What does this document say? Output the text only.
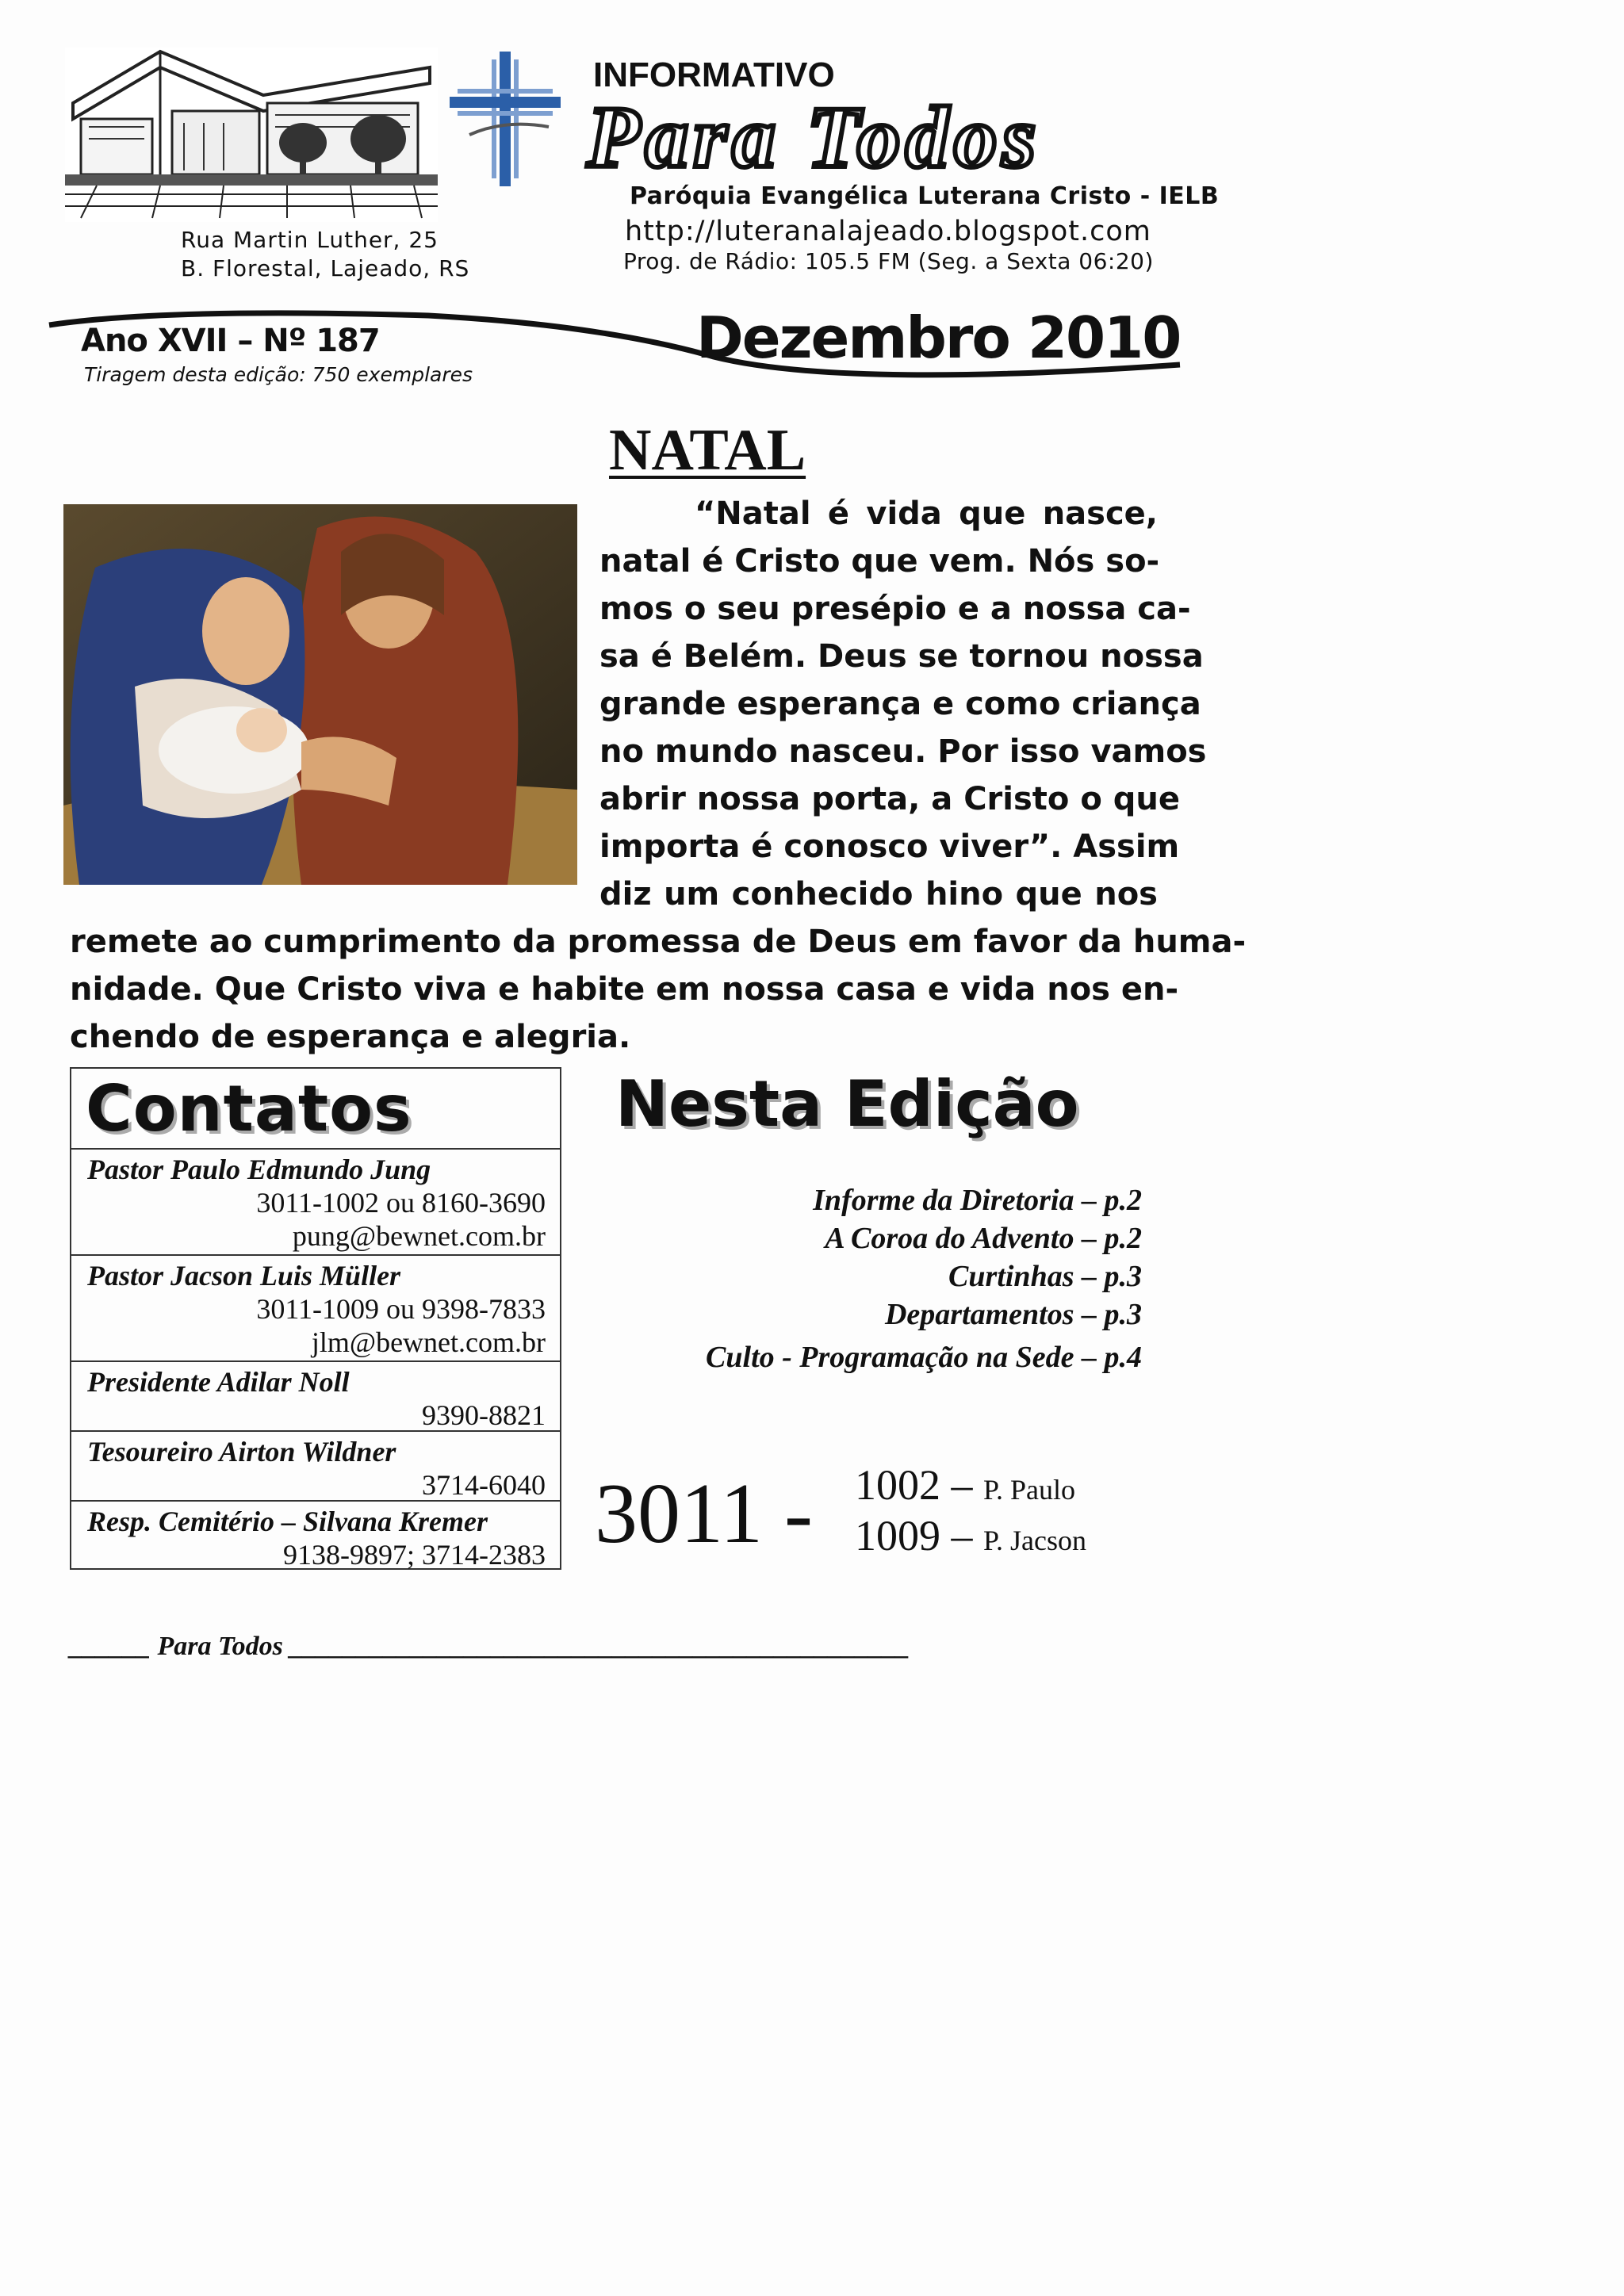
Rua Martin Luther, 25
B. Florestal, Lajeado, RS
INFORMATIVO
Para Todos
Paróquia Evangélica Luterana Cristo - IELB
http://luteranalajeado.blogspot.com
Prog. de Rádio: 105.5 FM (Seg. a Sexta 06:20)
Ano XVII – Nº 187
Tiragem desta edição: 750 exemplares
Dezembro 2010
NATAL
“Natal é vida que nasce,
natal é Cristo que vem. Nós so-
mos o seu presépio e a nossa ca-
sa é Belém. Deus se tornou nossa
grande esperança e como criança
no mundo nasceu. Por isso vamos
abrir nossa porta, a Cristo o que
importa é conosco viver”. Assim
diz um conhecido hino que nos
remete ao cumprimento da promessa de Deus em favor da huma-
nidade. Que Cristo viva e habite em nossa casa e vida nos en-
chendo de esperança e alegria.
Contatos
Pastor Paulo Edmundo Jung
3011-1002 ou 8160-3690
pung@bewnet.com.br
Pastor Jacson Luis Müller
3011-1009 ou 9398-7833
jlm@bewnet.com.br
Presidente Adilar Noll
9390-8821
Tesoureiro Airton Wildner
3714-6040
Resp. Cemitério – Silvana Kremer
9138-9897; 3714-2383
Nesta Edição
Informe da Diretoria – p.2
A Coroa do Advento – p.2
Curtinhas – p.3
Departamentos – p.3
Culto - Programação na Sede – p.4
3011 - 1002 – P. Paulo
1009 – P. Jacson
______ Para Todos ______________________________________________
